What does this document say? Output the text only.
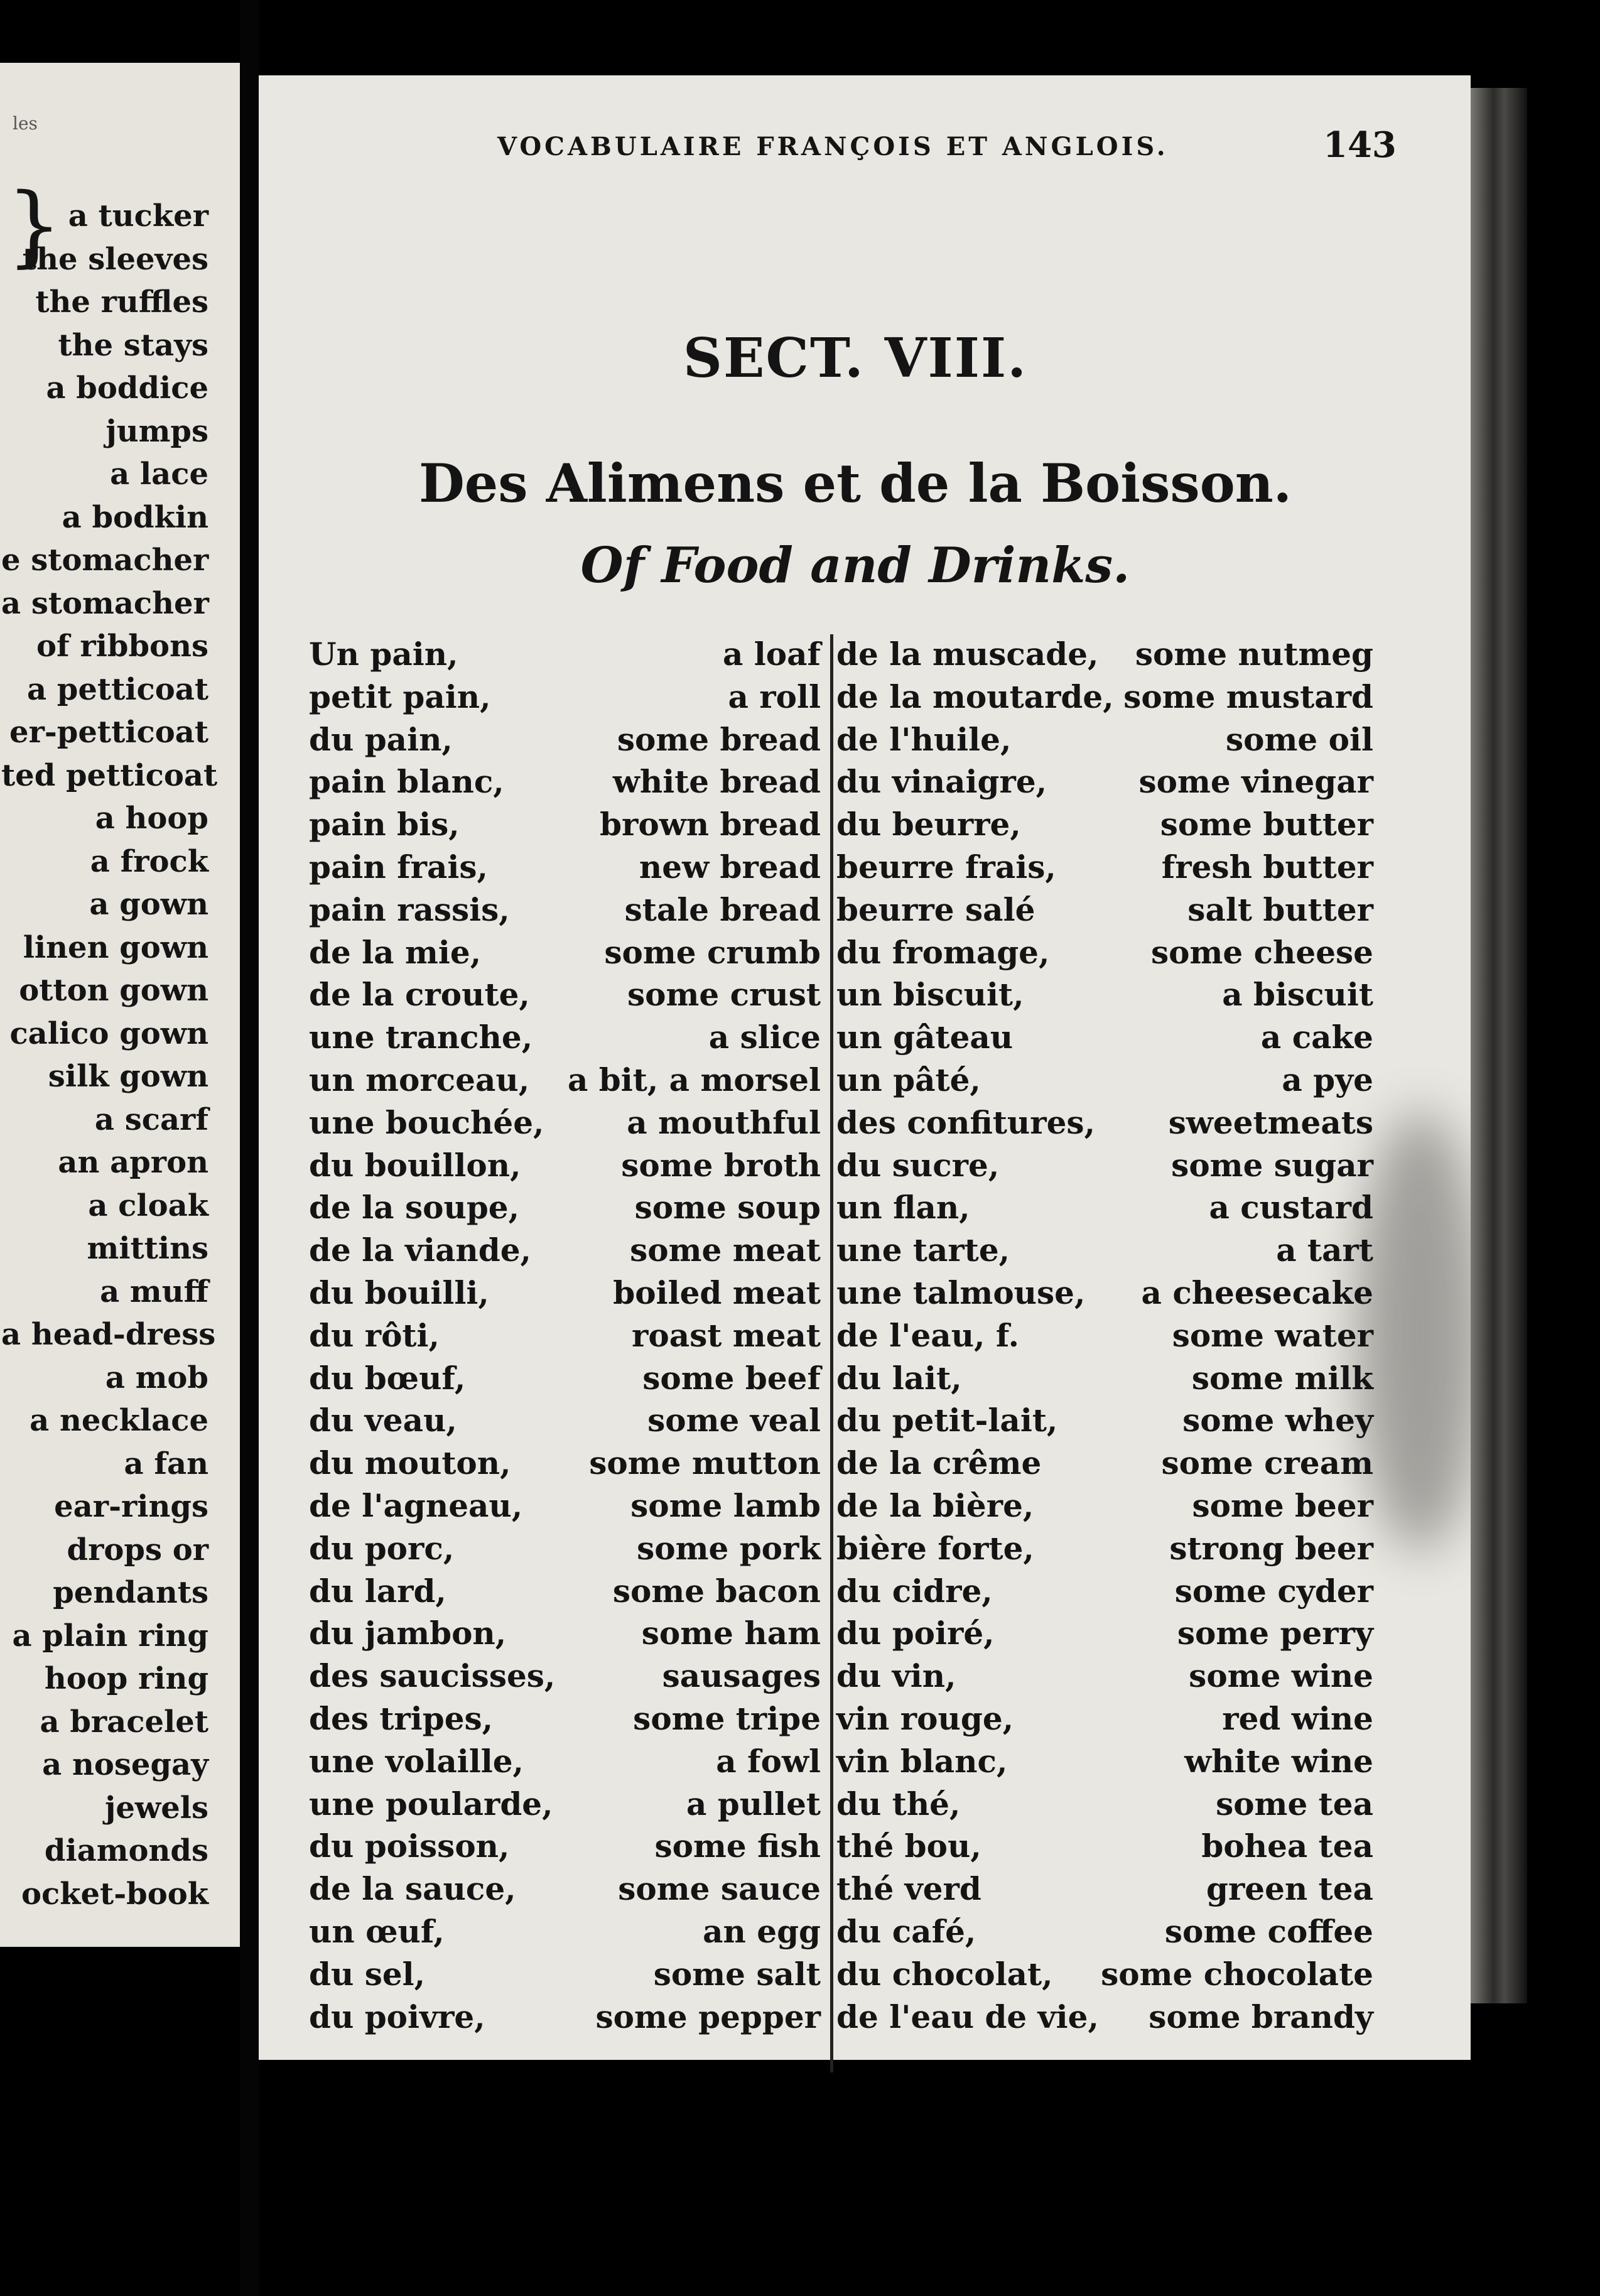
les
} a tucker
the sleeves
the ruffles
the stays
a boddice
jumps
a lace
a bodkin
e stomacher
a stomacher
of ribbons
a petticoat
er-petticoat
ted petticoat
a hoop
a frock
a gown
linen gown
otton gown
calico gown
silk gown
a scarf
an apron
a cloak
mittins
a muff
a head-dress
a mob
a necklace
a fan
ear-rings
drops or
pendants
a plain ring
hoop ring
a bracelet
a nosegay
jewels
diamonds
ocket-book
VOCABULAIRE FRANÇOIS ET ANGLOIS.	143
SECT. VIII.
Des Alimens et de la Boisson.
Of Food and Drinks.
Un pain,
petit pain,
du pain,
pain blanc,
pain bis,
pain frais,
pain rassis,
de la mie,
de la croute,
une tranche,
un morceau,
une bouchée,
du bouillon,
de la soupe,
de la viande,
du bouilli,
du rôti,
du bœuf,
du veau,
du mouton,
de l'agneau,
du porc,
du lard,
du jambon,
des saucisses,
des tripes,
une volaille,
une poularde,
du poisson,
de la sauce,
un œuf,
du sel,
du poivre,
a loaf
a roll
some bread
white bread
brown bread
new bread
stale bread
some crumb
some crust
a slice
a bit, a morsel
a mouthful
some broth
some soup
some meat
boiled meat
roast meat
some beef
some veal
some mutton
some lamb
some pork
some bacon
some ham
sausages
some tripe
a fowl
a pullet
some fish
some sauce
an egg
some salt
some pepper
de la muscade,
de la moutarde,
de l'huile,
du vinaigre,
du beurre,
beurre frais,
beurre salé
du fromage,
un biscuit,
un gâteau
un pâté,
des confitures,
du sucre,
un flan,
une tarte,
une talmouse,
de l'eau, f.
du lait,
du petit-lait,
de la crême
de la bière,
bière forte,
du cidre,
du poiré,
du vin,
vin rouge,
vin blanc,
du thé,
thé bou,
thé verd
du café,
du chocolat,
de l'eau de vie,
some nutmeg
some mustard
some oil
some vinegar
some butter
fresh butter
salt butter
some cheese
a biscuit
a cake
a pye
sweetmeats
some sugar
a custard
a tart
a cheesecake
some water
some milk
some whey
some cream
some beer
strong beer
some cyder
some perry
some wine
red wine
white wine
some tea
bohea tea
green tea
some coffee
some chocolate
some brandy
